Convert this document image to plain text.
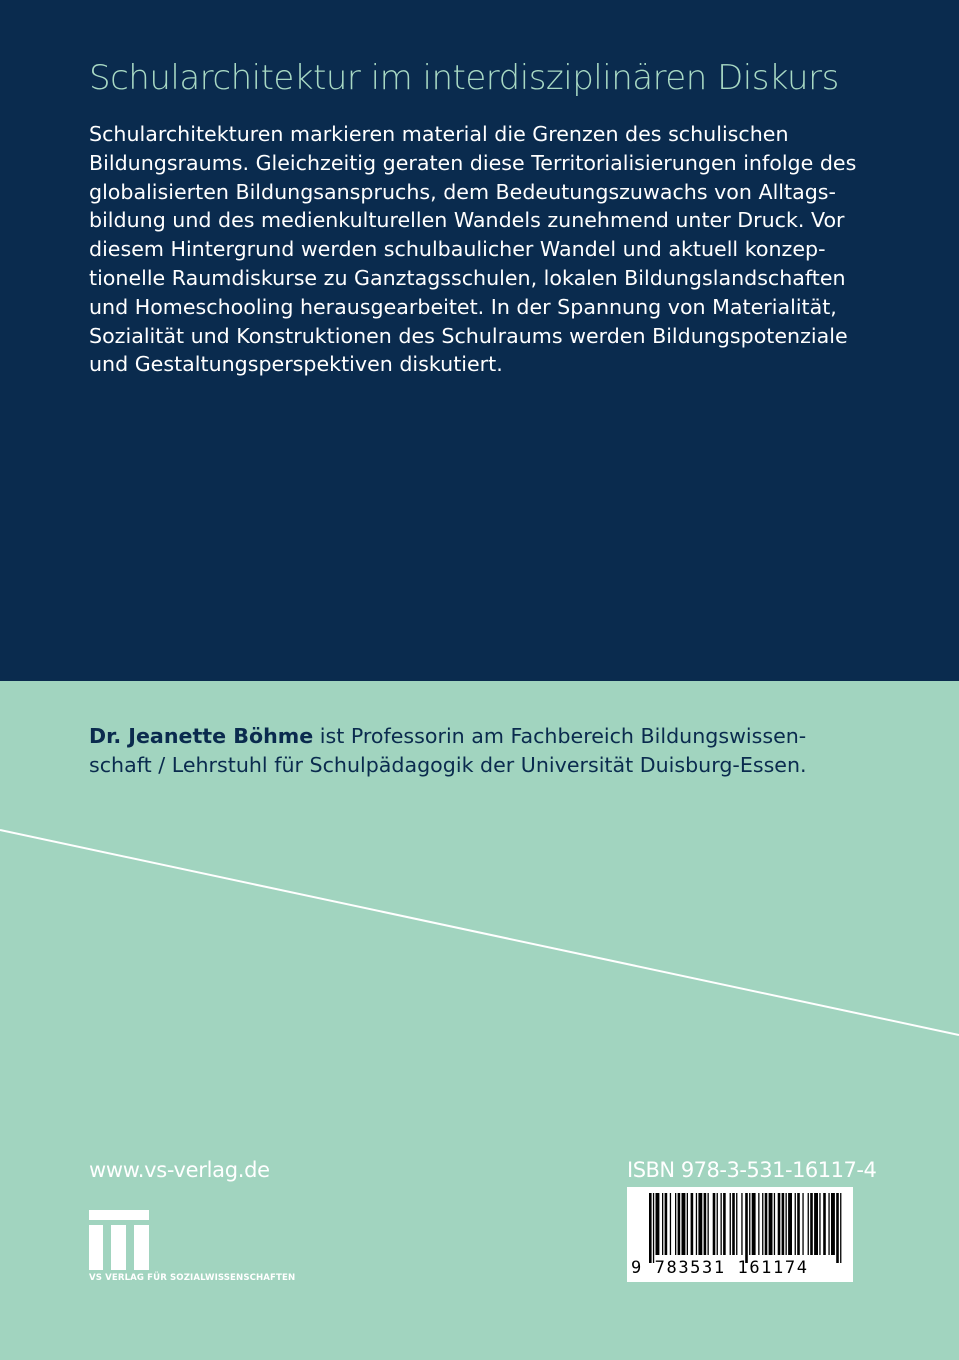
Schularchitektur im interdisziplinären Diskurs
Schularchitekturen markieren material die Grenzen des schulischen
Bildungsraums. Gleichzeitig geraten diese Territorialisierungen infolge des
globalisierten Bildungsanspruchs, dem Bedeutungszuwachs von Alltags-
bildung und des medienkulturellen Wandels zunehmend unter Druck. Vor
diesem Hintergrund werden schulbaulicher Wandel und aktuell konzep-
tionelle Raumdiskurse zu Ganztagsschulen, lokalen Bildungslandschaften
und Homeschooling herausgearbeitet. In der Spannung von Materialität,
Sozialität und Konstruktionen des Schulraums werden Bildungspotenziale
und Gestaltungsperspektiven diskutiert.
Dr. Jeanette Böhme ist Professorin am Fachbereich Bildungswissen-
schaft / Lehrstuhl für Schulpädagogik der Universität Duisburg-Essen.
www.vs-verlag.de
VS VERLAG FÜR SOZIALWISSENSCHAFTEN
ISBN 978-3-531-16117-4
9 783531 161174
